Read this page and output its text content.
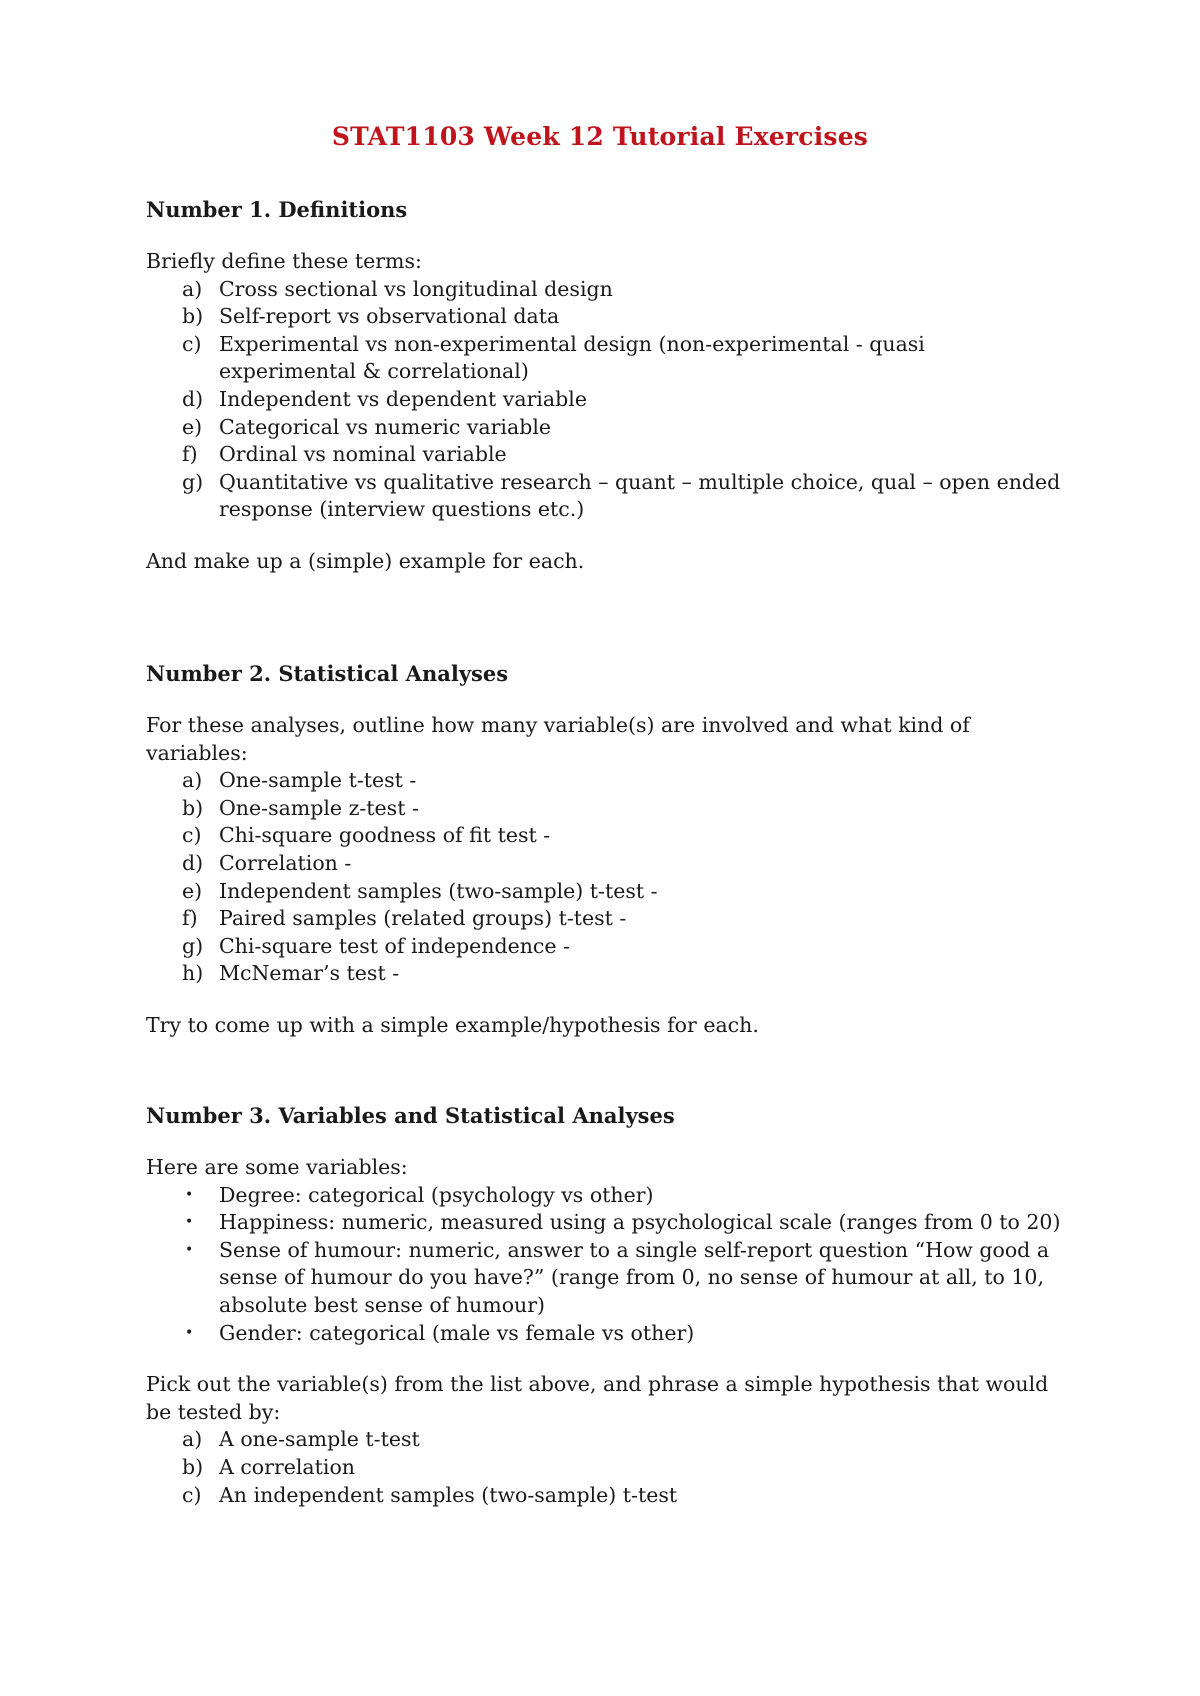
STAT1103 Week 12 Tutorial Exercises

Number 1. Definitions

Briefly define these terms:

a) Cross sectional vs longitudinal design
b) Self-report vs observational data
c) Experimental vs non-experimental design (non-experimental - quasi experimental & correlational)
d) Independent vs dependent variable
e) Categorical vs numeric variable
f)	Ordinal vs nominal variable
g) Quantitative vs qualitative research – quant – multiple choice, qual – open ended response (interview questions etc.)

And make up a (simple) example for each.

Number 2. Statistical Analyses

For these analyses, outline how many variable(s) are involved and what kind of variables:

a) One-sample t-test -
b) One-sample z-test -
c) Chi-square goodness of fit test -
d) Correlation -
e) Independent samples (two-sample) t-test -
f)	Paired samples (related groups) t-test -
g) Chi-square test of independence -
h) McNemar’s test -

Try to come up with a simple example/hypothesis for each.

Number 3. Variables and Statistical Analyses

Here are some variables:

•	Degree: categorical (psychology vs other)
•	Happiness: numeric, measured using a psychological scale (ranges from 0 to 20)
•	Sense of humour: numeric, answer to a single self-report question “How good a sense of humour do you have?” (range from 0, no sense of humour at all, to 10, absolute best sense of humour)
•	Gender: categorical (male vs female vs other)

Pick out the variable(s) from the list above, and phrase a simple hypothesis that would be tested by:

a) A one-sample t-test
b) A correlation
c) An independent samples (two-sample) t-test
